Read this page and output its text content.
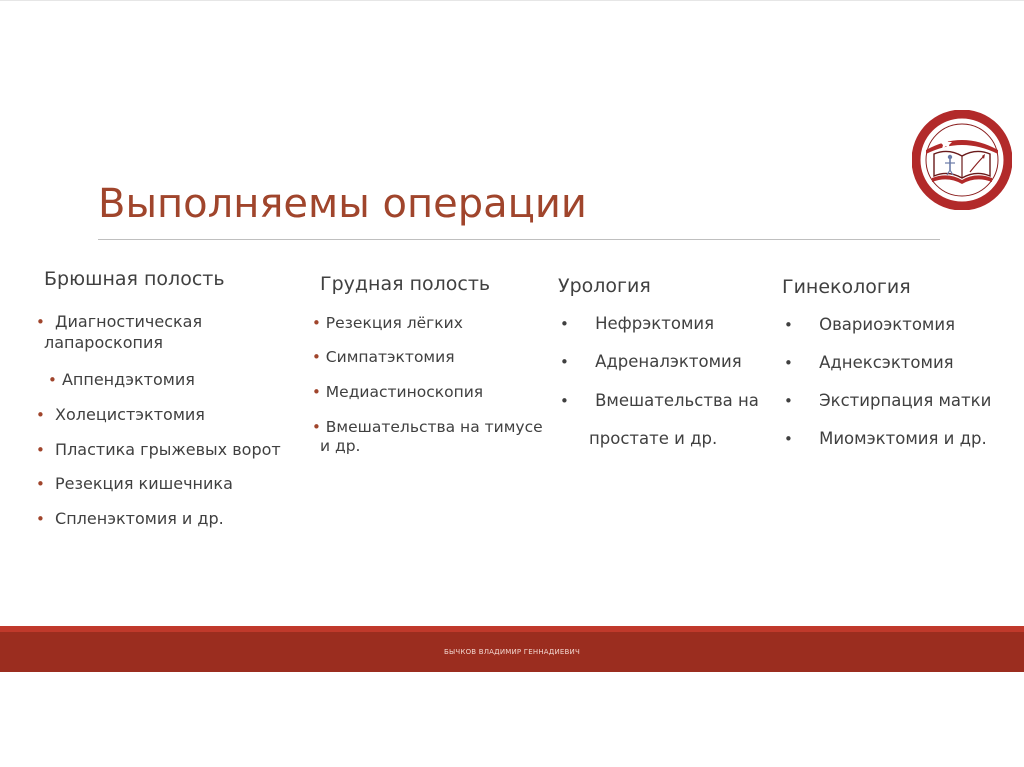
Выполняемы операции
Брюшная полость
• Диагностическая
лапароскопия
• Аппендэктомия
• Холецистэктомия
• Пластика грыжевых ворот
• Резекция кишечника
• Спленэктомия и др.
Грудная полость
• Резекция лёгких
• Симпатэктомия
• Медиастиноскопия
• Вмешательства на тимусе
и др.
Урология
• Нефрэктомия
• Адреналэктомия
• Вмешательства на
простате и др.
Гинекология
• Овариоэктомия
• Аднексэктомия
• Экстирпация матки
• Миомэктомия и др.
БЫЧКОВ ВЛАДИМИР ГЕННАДИЕВИЧ
